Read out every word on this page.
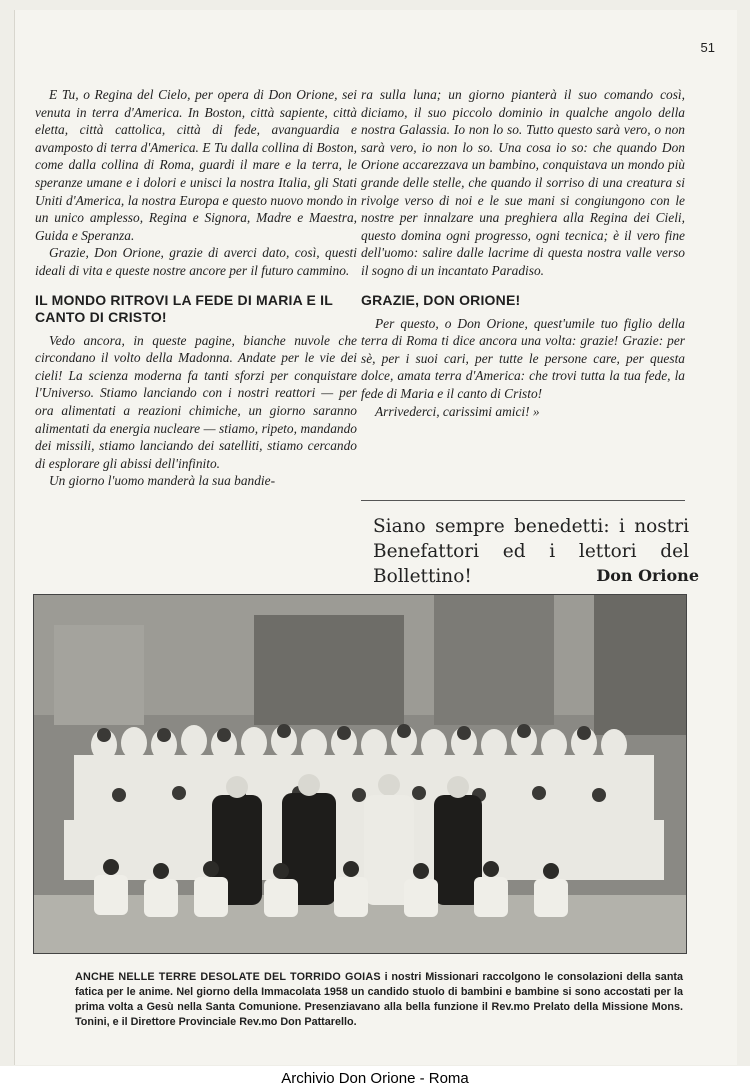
51

E Tu, o Regina del Cielo, per opera di Don Orione, sei venuta in terra d'America. In Boston, città sapiente, città eletta, città cattolica, città di fede, avanguardia e avamposto di terra d'America. E Tu dalla collina di Boston, come dalla collina di Roma, guardi il mare e la terra, le speranze umane e i dolori e unisci la nostra Italia, gli Stati Uniti d'America, la nostra Europa e questo nuovo mondo in un unico amplesso, Regina e Signora, Madre e Maestra, Guida e Speranza.

Grazie, Don Orione, grazie di averci dato, così, questi ideali di vita e queste nostre ancore per il futuro cammino.

IL MONDO RITROVI LA FEDE DI MARIA E IL CANTO DI CRISTO!

Vedo ancora, in queste pagine, bianche nuvole che circondano il volto della Madonna. Andate per le vie dei cieli! La scienza moderna fa tanti sforzi per conquistare l'Universo. Stiamo lanciando con i nostri reattori — per ora alimentati a reazioni chimiche, un giorno saranno alimentati da energia nucleare — stiamo, ripeto, mandando dei missili, stiamo lanciando dei satelliti, stiamo cercando di esplorare gli abissi dell'infinito.

Un giorno l'uomo manderà la sua bandie-

ra sulla luna; un giorno pianterà il suo comando così, diciamo, il suo piccolo dominio in qualche angolo della nostra Galassia. Io non lo so. Tutto questo sarà vero, o non sarà vero, io non lo so. Una cosa io so: che quando Don Orione accarezzava un bambino, conquistava un mondo più grande delle stelle, che quando il sorriso di una creatura si rivolge verso di noi e le sue mani si congiungono con le nostre per innalzare una preghiera alla Regina dei Cieli, questo domina ogni progresso, ogni tecnica; è il vero fine dell'uomo: salire dalle lacrime di questa nostra valle verso il sogno di un incantato Paradiso.

GRAZIE, DON ORIONE!

Per questo, o Don Orione, quest'umile tuo figlio della terra di Roma ti dice ancora una volta: grazie! Grazie: per sè, per i suoi cari, per tutte le persone care, per questa dolce, amata terra d'America: che trovi tutta la tua fede, la fede di Maria e il canto di Cristo!

Arrivederci, carissimi amici! »

Siano sempre benedetti: i nostri Benefattori ed i lettori del Bollettino!	Don Orione
ANCHE NELLE TERRE DESOLATE DEL TORRIDO GOIAS i nostri Missionari raccolgono le consolazioni della santa fatica per le anime. Nel giorno della Immacolata 1958 un candido stuolo di bambini e bambine si sono accostati per la prima volta a Gesù nella Santa Comunione. Presenziavano alla bella funzione il Rev.mo Prelato della Missione Mons. Tonini, e il Direttore Provinciale Rev.mo Don Pattarello.
Archivio Don Orione - Roma
